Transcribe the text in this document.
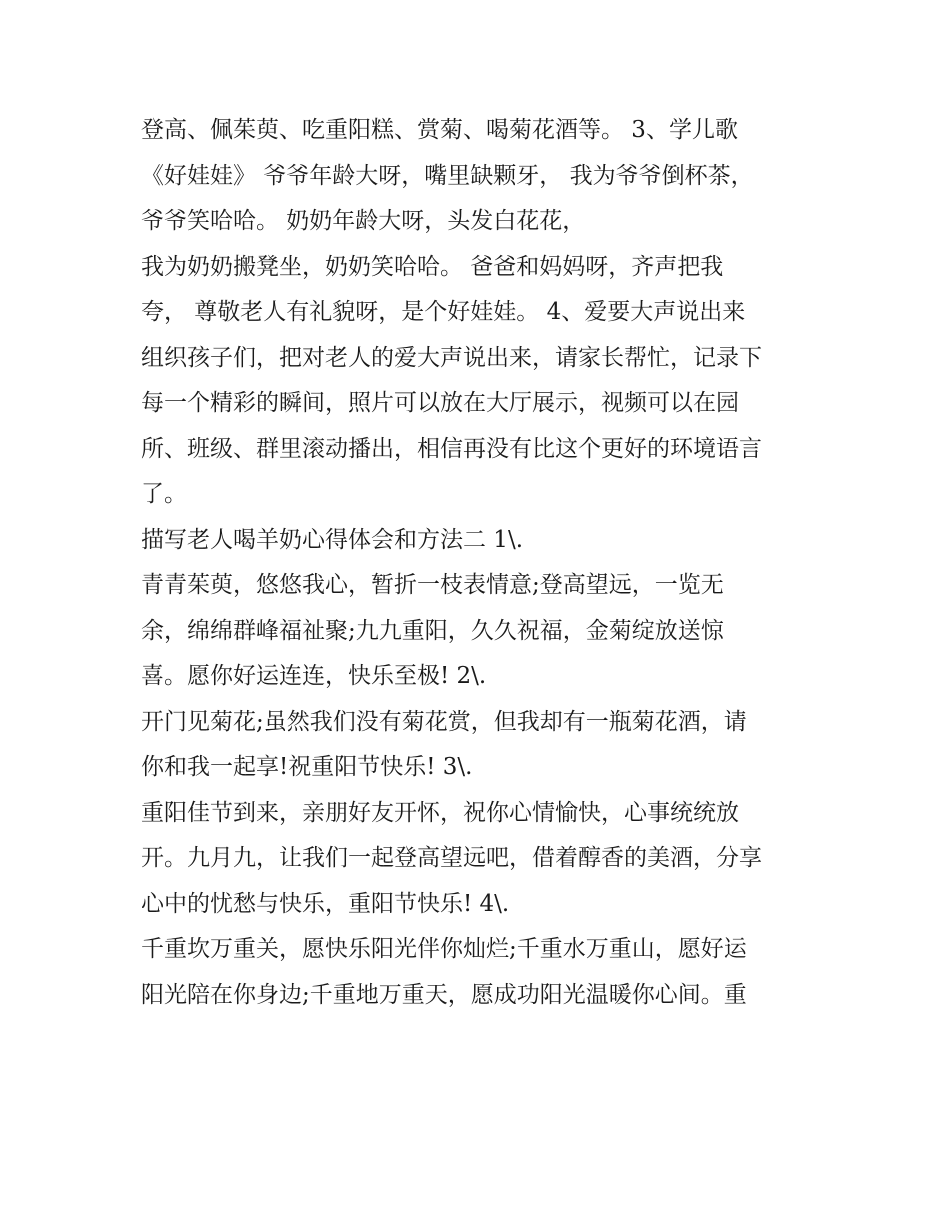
登高、佩茱萸、吃重阳糕、赏菊、喝菊花酒等。 3、学儿歌
《好娃娃》 爷爷年龄大呀，嘴里缺颗牙， 我为爷爷倒杯茶，
爷爷笑哈哈。 奶奶年龄大呀，头发白花花，
我为奶奶搬凳坐，奶奶笑哈哈。 爸爸和妈妈呀，齐声把我
夸， 尊敬老人有礼貌呀，是个好娃娃。 4、爱要大声说出来
组织孩子们，把对老人的爱大声说出来，请家长帮忙，记录下
每一个精彩的瞬间，照片可以放在大厅展示，视频可以在园
所、班级、群里滚动播出，相信再没有比这个更好的环境语言
了。
描写老人喝羊奶心得体会和方法二 1\.
青青茱萸，悠悠我心，暂折一枝表情意;登高望远，一览无
余，绵绵群峰福祉聚;九九重阳，久久祝福，金菊绽放送惊
喜。愿你好运连连，快乐至极! 2\.
开门见菊花;虽然我们没有菊花赏，但我却有一瓶菊花酒，请
你和我一起享!祝重阳节快乐! 3\.
重阳佳节到来，亲朋好友开怀，祝你心情愉快，心事统统放
开。九月九，让我们一起登高望远吧，借着醇香的美酒，分享
心中的忧愁与快乐，重阳节快乐! 4\.
千重坎万重关，愿快乐阳光伴你灿烂;千重水万重山，愿好运
阳光陪在你身边;千重地万重天，愿成功阳光温暖你心间。重
